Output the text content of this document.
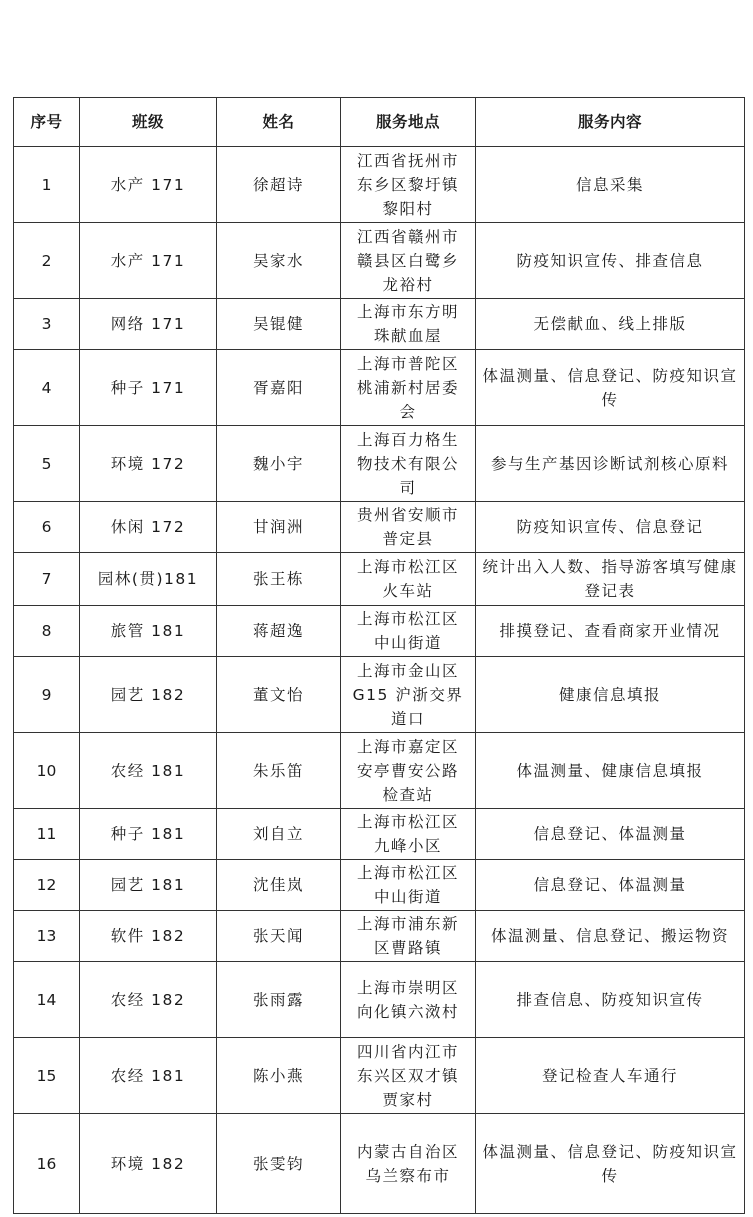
序号	班级	姓名	服务地点	服务内容
1	水产 171	徐超诗	江西省抚州市东乡区黎圩镇黎阳村	信息采集
2	水产 171	吴家水	江西省赣州市赣县区白鹭乡龙裕村	防疫知识宣传、排查信息
3	网络 171	吴锟健	上海市东方明珠献血屋	无偿献血、线上排版
4	种子 171	胥嘉阳	上海市普陀区桃浦新村居委会	体温测量、信息登记、防疫知识宣传
5	环境 172	魏小宇	上海百力格生物技术有限公司	参与生产基因诊断试剂核心原料
6	休闲 172	甘润洲	贵州省安顺市普定县	防疫知识宣传、信息登记
7	园林(贯)181	张王栋	上海市松江区火车站	统计出入人数、指导游客填写健康登记表
8	旅管 181	蒋超逸	上海市松江区中山街道	排摸登记、查看商家开业情况
9	园艺 182	董文怡	上海市金山区 G15 沪浙交界道口	健康信息填报
10	农经 181	朱乐笛	上海市嘉定区安亭曹安公路检查站	体温测量、健康信息填报
11	种子 181	刘自立	上海市松江区九峰小区	信息登记、体温测量
12	园艺 181	沈佳岚	上海市松江区中山街道	信息登记、体温测量
13	软件 182	张天闻	上海市浦东新区曹路镇	体温测量、信息登记、搬运物资
14	农经 182	张雨露	上海市崇明区向化镇六滧村	排查信息、防疫知识宣传
15	农经 181	陈小燕	四川省内江市东兴区双才镇贾家村	登记检查人车通行
16	环境 182	张雯钧	内蒙古自治区乌兰察布市	体温测量、信息登记、防疫知识宣传
